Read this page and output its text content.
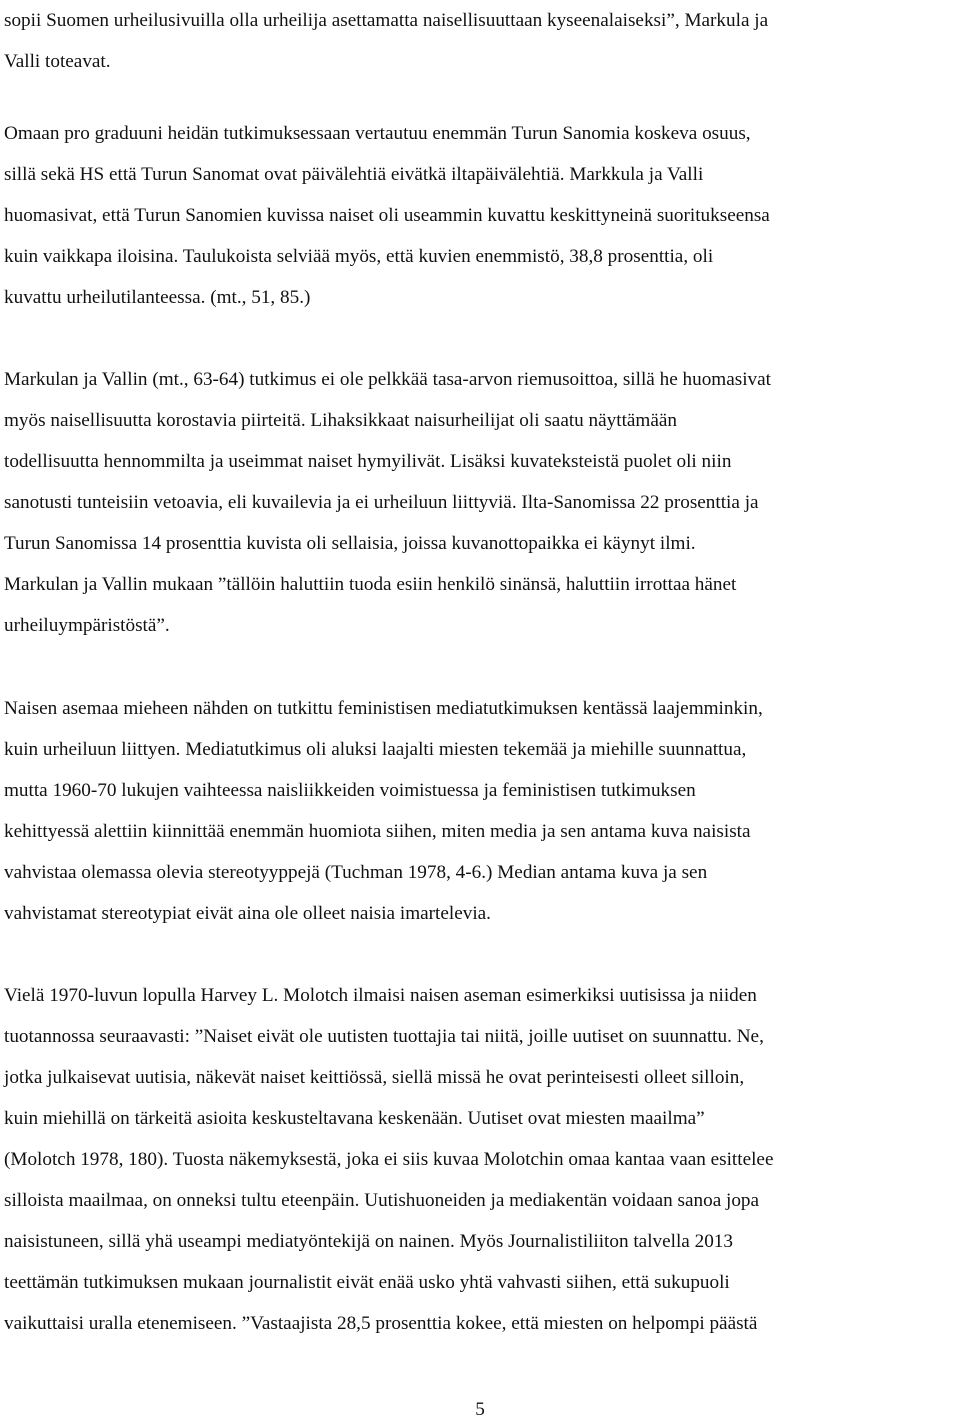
sopii Suomen urheilusivuilla olla urheilija asettamatta naisellisuuttaan kyseenalaiseksi”, Markula ja
Valli toteavat.

Omaan pro graduuni heidän tutkimuksessaan vertautuu enemmän Turun Sanomia koskeva osuus,
sillä sekä HS että Turun Sanomat ovat päivälehtiä eivätkä iltapäivälehtiä. Markkula ja Valli
huomasivat, että Turun Sanomien kuvissa naiset oli useammin kuvattu keskittyneinä suoritukseensa
kuin vaikkapa iloisina. Taulukoista selviää myös, että kuvien enemmistö, 38,8 prosenttia, oli
kuvattu urheilutilanteessa. (mt., 51, 85.)

Markulan ja Vallin (mt., 63-64) tutkimus ei ole pelkkää tasa-arvon riemusoittoa, sillä he huomasivat
myös naisellisuutta korostavia piirteitä. Lihaksikkaat naisurheilijat oli saatu näyttämään
todellisuutta hennommilta ja useimmat naiset hymyilivät. Lisäksi kuvateksteistä puolet oli niin
sanotusti tunteisiin vetoavia, eli kuvailevia ja ei urheiluun liittyviä. Ilta-Sanomissa 22 prosenttia ja
Turun Sanomissa 14 prosenttia kuvista oli sellaisia, joissa kuvanottopaikka ei käynyt ilmi.
Markulan ja Vallin mukaan ”tällöin haluttiin tuoda esiin henkilö sinänsä, haluttiin irrottaa hänet
urheiluympäristöstä”.

Naisen asemaa mieheen nähden on tutkittu feministisen mediatutkimuksen kentässä laajemminkin,
kuin urheiluun liittyen. Mediatutkimus oli aluksi laajalti miesten tekemää ja miehille suunnattua,
mutta 1960-70 lukujen vaihteessa naisliikkeiden voimistuessa ja feministisen tutkimuksen
kehittyessä alettiin kiinnittää enemmän huomiota siihen, miten media ja sen antama kuva naisista
vahvistaa olemassa olevia stereotyyppejä (Tuchman 1978, 4-6.) Median antama kuva ja sen
vahvistamat stereotypiat eivät aina ole olleet naisia imartelevia.

Vielä 1970-luvun lopulla Harvey L. Molotch ilmaisi naisen aseman esimerkiksi uutisissa ja niiden
tuotannossa seuraavasti: ”Naiset eivät ole uutisten tuottajia tai niitä, joille uutiset on suunnattu. Ne,
jotka julkaisevat uutisia, näkevät naiset keittiössä, siellä missä he ovat perinteisesti olleet silloin,
kuin miehillä on tärkeitä asioita keskusteltavana keskenään. Uutiset ovat miesten maailma”
(Molotch 1978, 180). Tuosta näkemyksestä, joka ei siis kuvaa Molotchin omaa kantaa vaan esittelee
silloista maailmaa, on onneksi tultu eteenpäin. Uutishuoneiden ja mediakentän voidaan sanoa jopa
naisistuneen, sillä yhä useampi mediatyöntekijä on nainen. Myös Journalistiliiton talvella 2013
teettämän tutkimuksen mukaan journalistit eivät enää usko yhtä vahvasti siihen, että sukupuoli
vaikuttaisi uralla etenemiseen. ”Vastaajista 28,5 prosenttia kokee, että miesten on helpompi päästä

5
